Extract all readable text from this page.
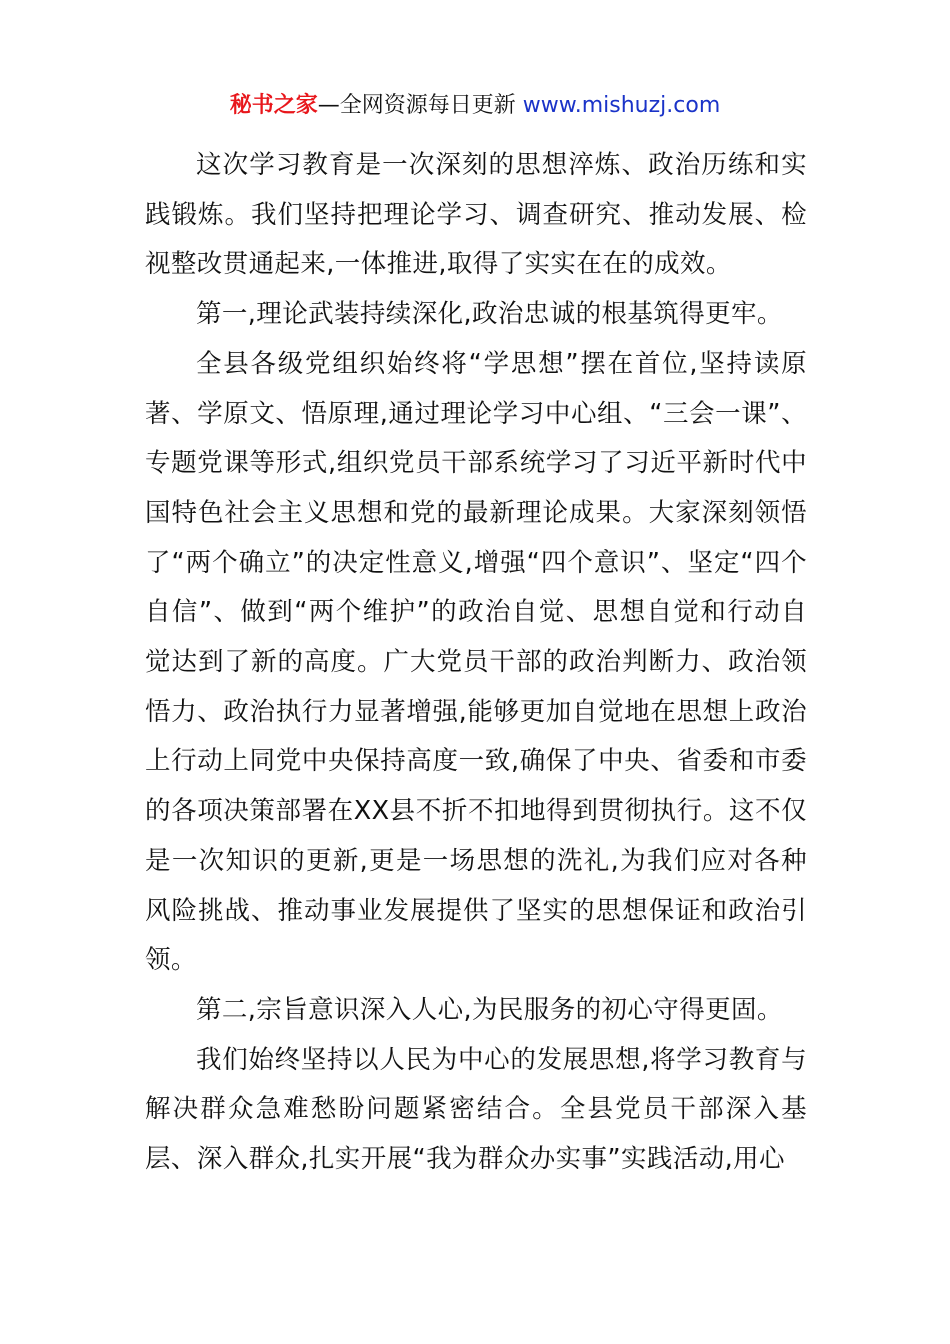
秘书之家—全网资源每日更新 www.mishuzj.com

这次学习教育是一次深刻的思想淬炼、政治历练和实践锻炼。我们坚持把理论学习、调查研究、推动发展、检视整改贯通起来,一体推进,取得了实实在在的成效。

第一,理论武装持续深化,政治忠诚的根基筑得更牢。

全县各级党组织始终将“学思想”摆在首位,坚持读原著、学原文、悟原理,通过理论学习中心组、“三会一课”、专题党课等形式,组织党员干部系统学习了习近平新时代中国特色社会主义思想和党的最新理论成果。大家深刻领悟了“两个确立”的决定性意义,增强“四个意识”、坚定“四个自信”、做到“两个维护”的政治自觉、思想自觉和行动自觉达到了新的高度。广大党员干部的政治判断力、政治领悟力、政治执行力显著增强,能够更加自觉地在思想上政治上行动上同党中央保持高度一致,确保了中央、省委和市委的各项决策部署在XX县不折不扣地得到贯彻执行。这不仅是一次知识的更新,更是一场思想的洗礼,为我们应对各种风险挑战、推动事业发展提供了坚实的思想保证和政治引领。

第二,宗旨意识深入人心,为民服务的初心守得更固。

我们始终坚持以人民为中心的发展思想,将学习教育与解决群众急难愁盼问题紧密结合。全县党员干部深入基层、深入群众,扎实开展“我为群众办实事”实践活动,用心
